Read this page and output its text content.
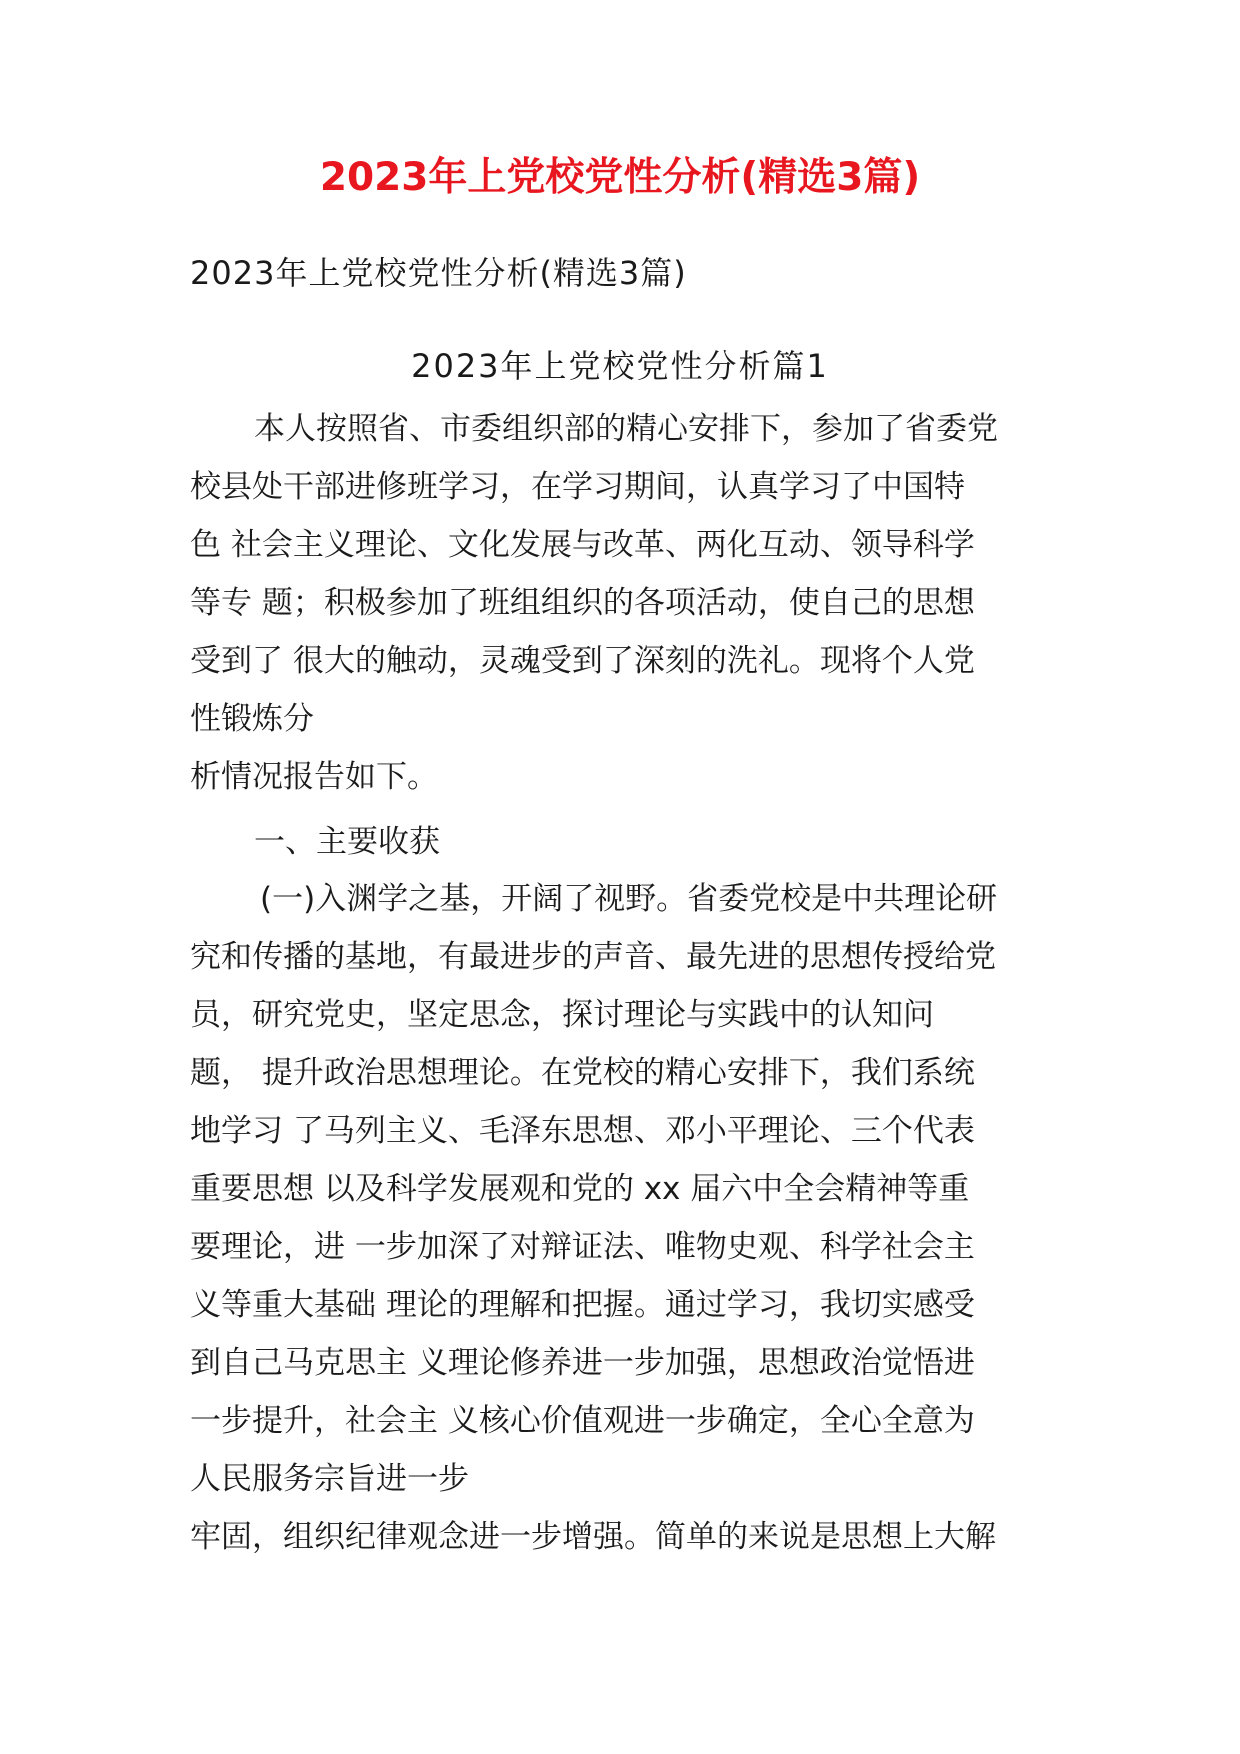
2023年上党校党性分析(精选3篇)
2023年上党校党性分析(精选3篇)
2023年上党校党性分析篇1
本人按照省、市委组织部的精心安排下，参加了省委党
校县处干部进修班学习，在学习期间，认真学习了中国特
色 社会主义理论、文化发展与改革、两化互动、领导科学
等专 题；积极参加了班组组织的各项活动，使自己的思想
受到了 很大的触动，灵魂受到了深刻的洗礼。现将个人党
性锻炼分
析情况报告如下。
一、主要收获
(一)入渊学之基，开阔了视野。省委党校是中共理论研
究和传播的基地，有最进步的声音、最先进的思想传授给党
员，研究党史，坚定思念，探讨理论与实践中的认知问
题， 提升政治思想理论。在党校的精心安排下，我们系统
地学习 了马列主义、毛泽东思想、邓小平理论、三个代表
重要思想 以及科学发展观和党的 xx 届六中全会精神等重
要理论，进 一步加深了对辩证法、唯物史观、科学社会主
义等重大基础 理论的理解和把握。通过学习，我切实感受
到自己马克思主 义理论修养进一步加强，思想政治觉悟进
一步提升，社会主 义核心价值观进一步确定，全心全意为
人民服务宗旨进一步
牢固，组织纪律观念进一步增强。简单的来说是思想上大解
